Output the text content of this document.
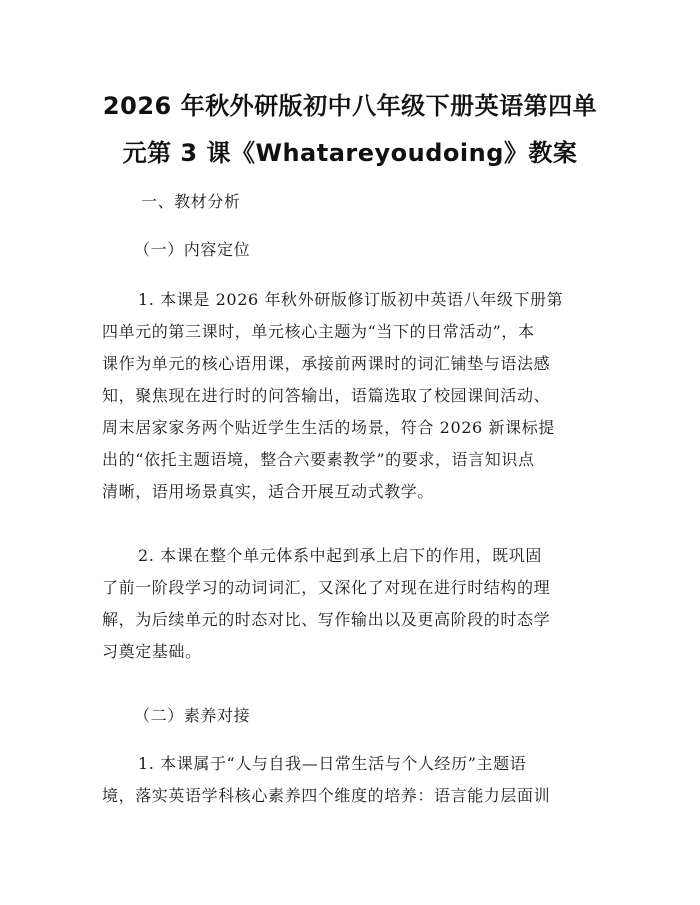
2026 年秋外研版初中八年级下册英语第四单
元第 3 课《Whatareyoudoing》教案
一、教材分析
（一）内容定位
1. 本课是 2026 年秋外研版修订版初中英语八年级下册第
四单元的第三课时，单元核心主题为“当下的日常活动”，本
课作为单元的核心语用课，承接前两课时的词汇铺垫与语法感
知，聚焦现在进行时的问答输出，语篇选取了校园课间活动、
周末居家家务两个贴近学生生活的场景，符合 2026 新课标提
出的“依托主题语境，整合六要素教学”的要求，语言知识点
清晰，语用场景真实，适合开展互动式教学。
2. 本课在整个单元体系中起到承上启下的作用，既巩固
了前一阶段学习的动词词汇，又深化了对现在进行时结构的理
解，为后续单元的时态对比、写作输出以及更高阶段的时态学
习奠定基础。
（二）素养对接
1. 本课属于“人与自我—日常生活与个人经历”主题语
境，落实英语学科核心素养四个维度的培养：语言能力层面训
